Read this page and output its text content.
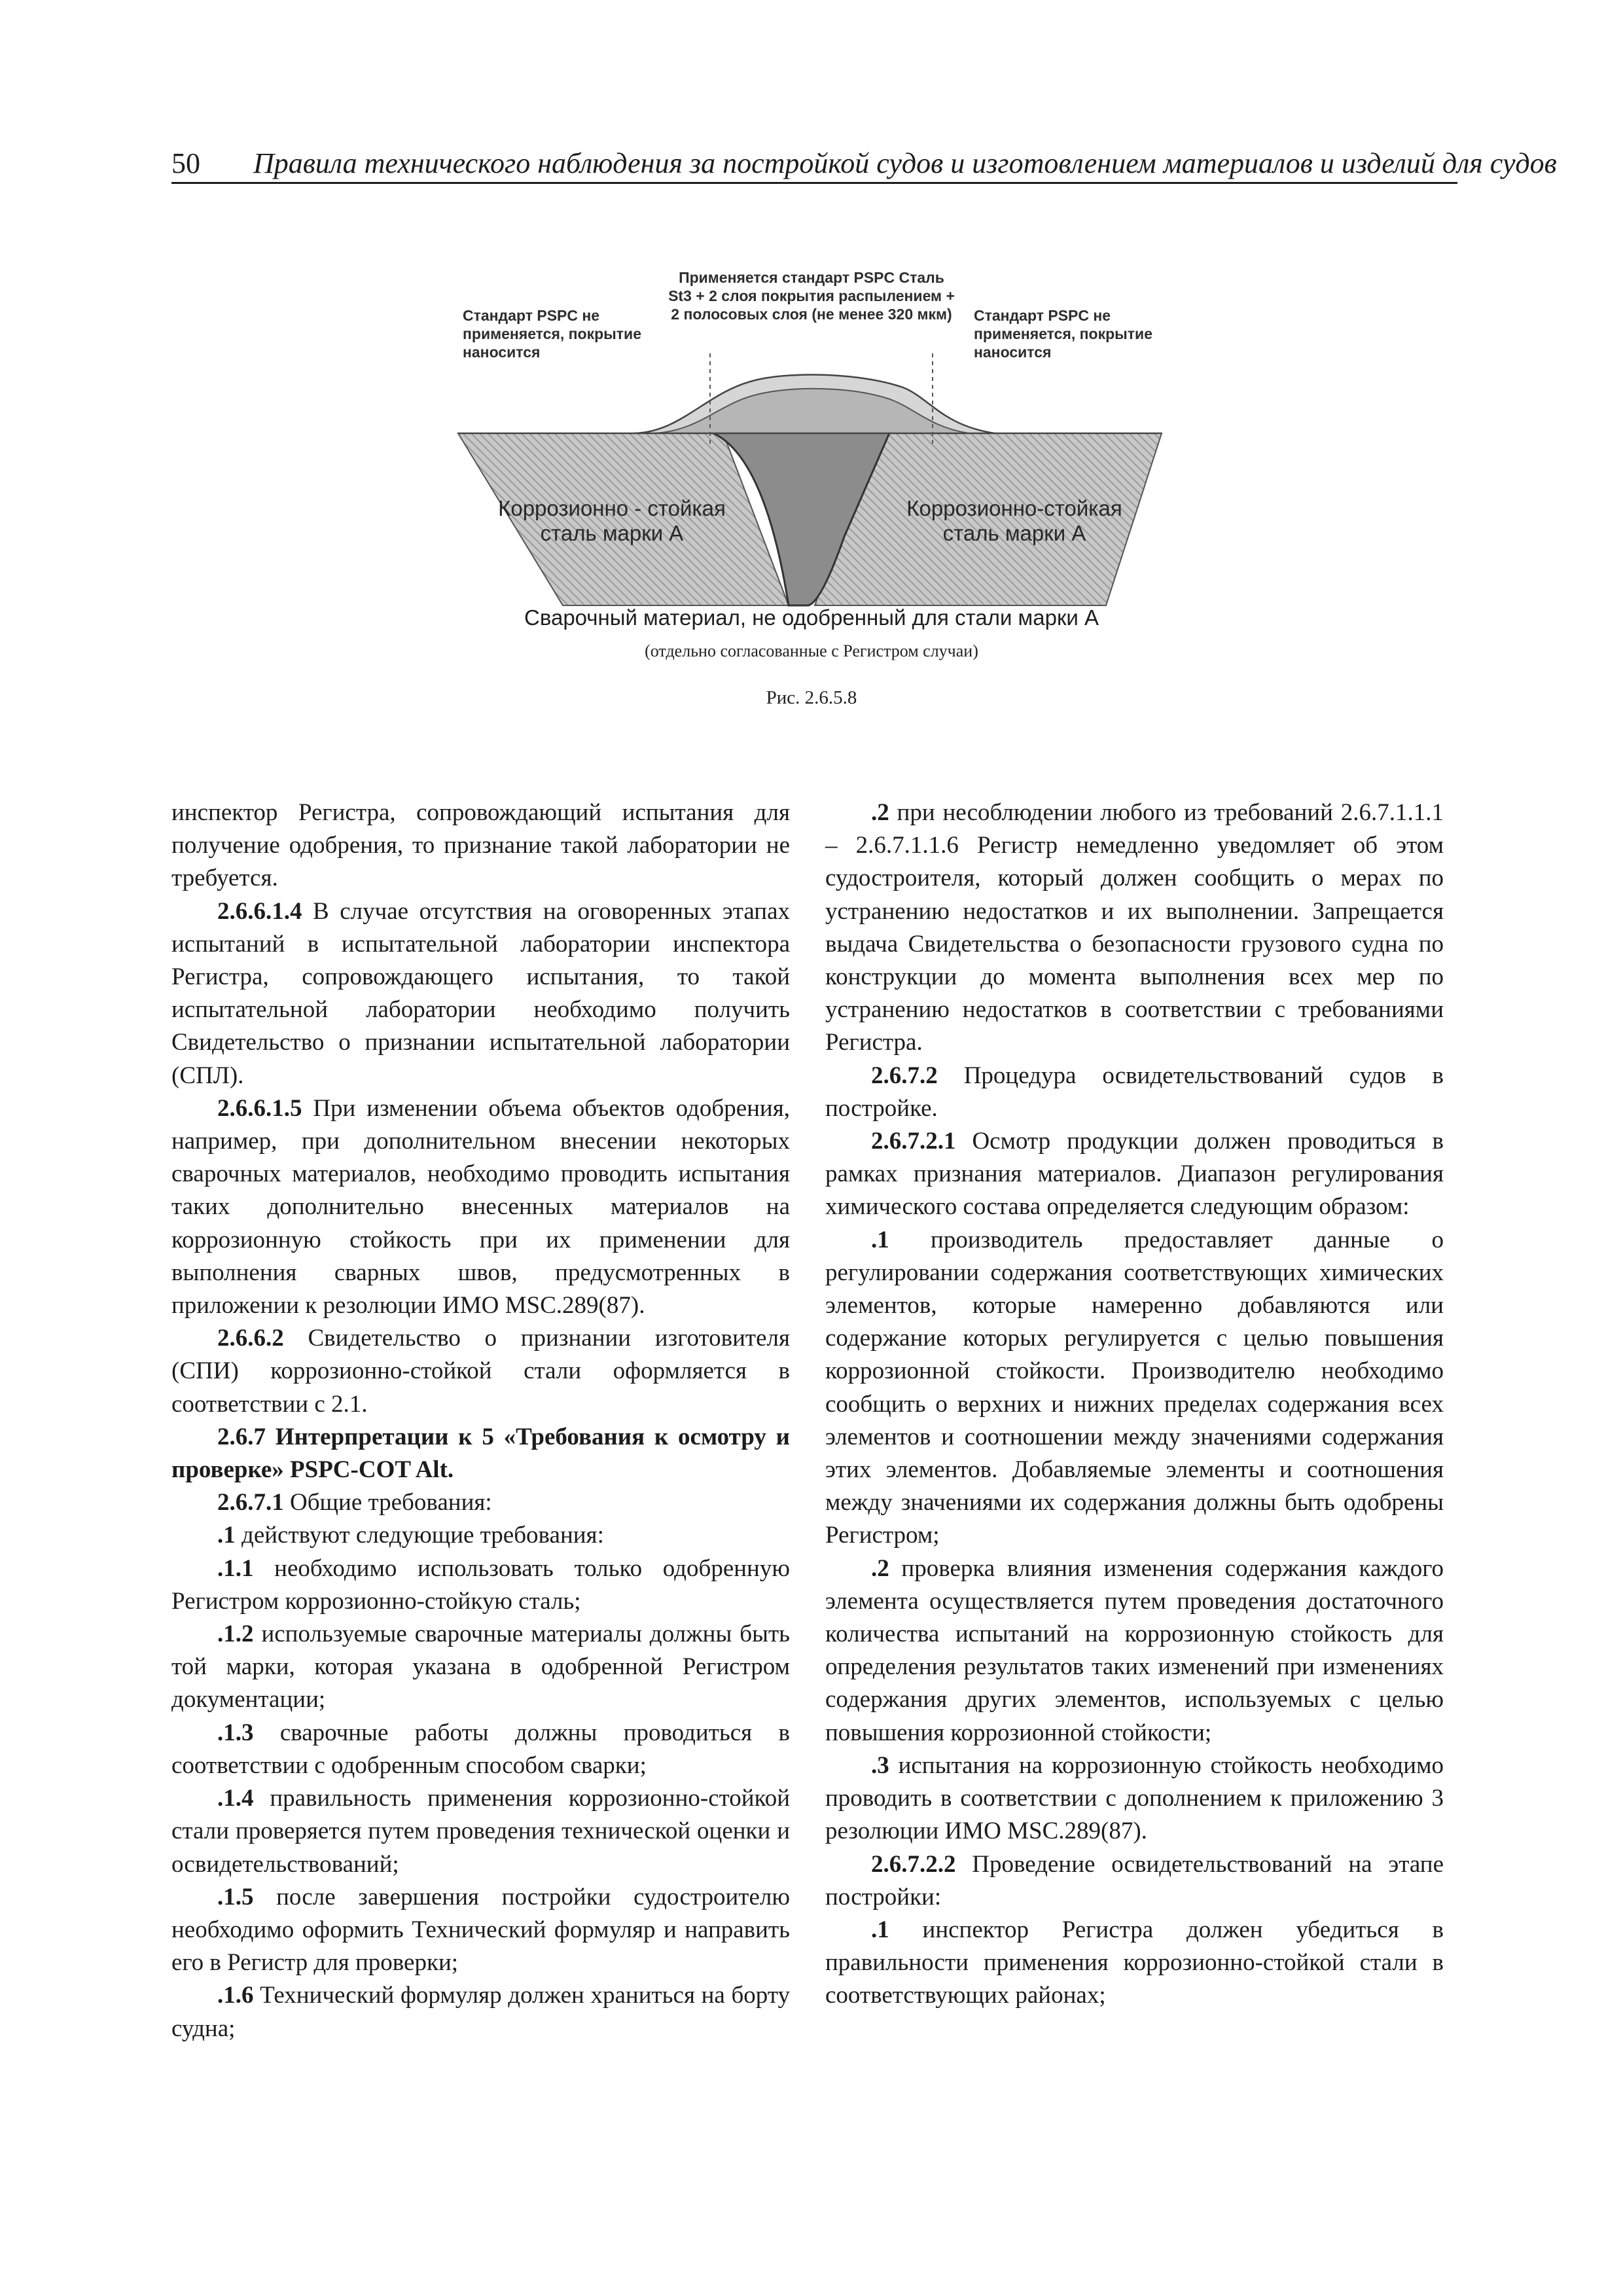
50 Правила технического наблюдения за постройкой судов и изготовлением материалов и изделий для судов
Стандарт PSPC не применяется, покрытие наносится
Применяется стандарт PSPC Сталь St3 + 2 слоя покрытия распылением + 2 полосовых слоя (не менее 320 мкм) Стандарт PSPC не применяется, покрытие наносится
Коррозионно - стойкая сталь марки А
Коррозионно-стойкая сталь марки А
Сварочный материал, не одобренный для стали марки А
(отдельно согласованные с Регистром случаи)
Рис. 2.6.5.8

инспектор Регистра, сопровождающий испытания для получение одобрения, то признание такой лаборатории не требуется.

2.6.6.1.4 В случае отсутствия на оговоренных этапах испытаний в испытательной лаборатории инспектора Регистра, сопровождающего испытания, то такой испытательной лаборатории необходимо получить Свидетельство о признании испытательной лаборатории (СПЛ).

2.6.6.1.5 При изменении объема объектов одобрения, например, при дополнительном внесении некоторых сварочных материалов, необходимо проводить испытания таких дополнительно внесенных материалов на коррозионную стойкость при их применении для выполнения сварных швов, предусмотренных в приложении к резолюции ИМО MSC.289(87).

2.6.6.2 Свидетельство о признании изготовителя (СПИ) коррозионно-стойкой стали оформляется в соответствии с 2.1.

2.6.7 Интерпретации к 5 «Требования к осмотру и проверке» PSPC-COT Alt.

2.6.7.1 Общие требования:

.1 действуют следующие требования:

.1.1 необходимо использовать только одобренную Регистром коррозионно-стойкую сталь;

.1.2 используемые сварочные материалы должны быть той марки, которая указана в одобренной Регистром документации;

.1.3 сварочные работы должны проводиться в соответствии с одобренным способом сварки;

.1.4 правильность применения коррозионно-стойкой стали проверяется путем проведения технической оценки и освидетельствований;

.1.5 после завершения постройки судостроителю необходимо оформить Технический формуляр и направить его в Регистр для проверки;

.1.6 Технический формуляр должен храниться на борту судна;

.2 при несоблюдении любого из требований 2.6.7.1.1.1 – 2.6.7.1.1.6 Регистр немедленно уведомляет об этом судостроителя, который должен сообщить о мерах по устранению недостатков и их выполнении. Запрещается выдача Свидетельства о безопасности грузового судна по конструкции до момента выполнения всех мер по устранению недостатков в соответствии с требованиями Регистра.

2.6.7.2 Процедура освидетельствований судов в постройке.

2.6.7.2.1 Осмотр продукции должен проводиться в рамках признания материалов. Диапазон регулирования химического состава определяется следующим образом:

.1 производитель предоставляет данные о регулировании содержания соответствующих химических элементов, которые намеренно добавляются или содержание которых регулируется с целью повышения коррозионной стойкости. Производителю необходимо сообщить о верхних и нижних пределах содержания всех элементов и соотношении между значениями содержания этих элементов. Добавляемые элементы и соотношения между значениями их содержания должны быть одобрены Регистром;

.2 проверка влияния изменения содержания каждого элемента осуществляется путем проведения достаточного количества испытаний на коррозионную стойкость для определения результатов таких изменений при изменениях содержания других элементов, используемых с целью повышения коррозионной стойкости;

.3 испытания на коррозионную стойкость необходимо проводить в соответствии с дополнением к приложению 3 резолюции ИМО MSC.289(87).

2.6.7.2.2 Проведение освидетельствований на этапе постройки:

.1 инспектор Регистра должен убедиться в правильности применения коррозионно-стойкой стали в соответствующих районах;
